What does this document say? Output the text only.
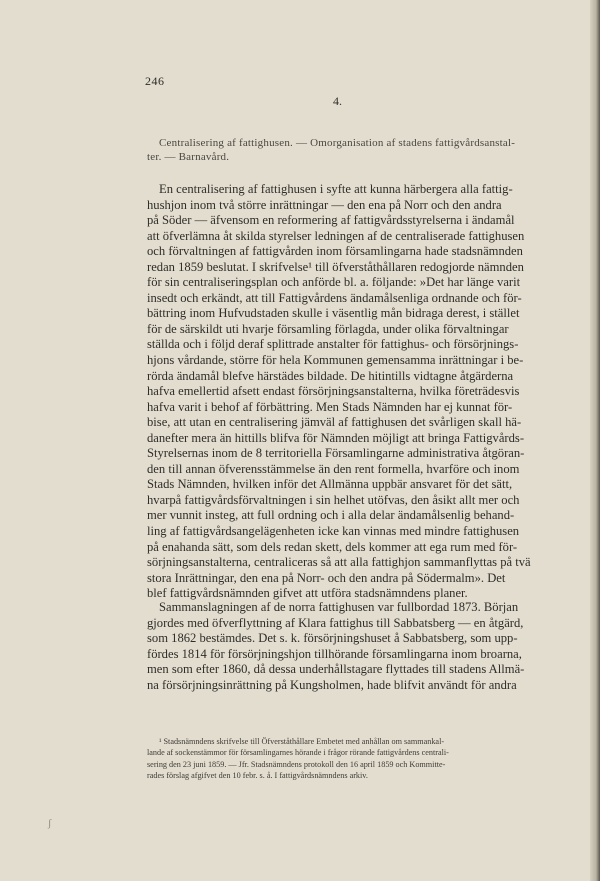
246
4.
Centralisering af fattighusen. — Omorganisation af stadens fattigvårdsanstal-
ter. — Barnavård.
En centralisering af fattighusen i syfte att kunna härbergera alla fattig-
hushjon inom två större inrättningar — den ena på Norr och den andra
på Söder — äfvensom en reformering af fattigvårdsstyrelserna i ändamål
att öfverlämna åt skilda styrelser ledningen af de centraliserade fattighusen
och förvaltningen af fattigvården inom församlingarna hade stadsnämnden
redan 1859 beslutat. I skrifvelse¹ till öfverståthållaren redogjorde nämnden
för sin centraliseringsplan och anförde bl. a. följande: »Det har länge varit
insedt och erkändt, att till Fattigvårdens ändamålsenliga ordnande och för-
bättring inom Hufvudstaden skulle i väsentlig mån bidraga derest, i stället
för de särskildt uti hvarje församling förlagda, under olika förvaltningar
ställda och i följd deraf splittrade anstalter för fattighus- och försörjnings-
hjons vårdande, större för hela Kommunen gemensamma inrättningar i be-
rörda ändamål blefve härstädes bildade. De hitintills vidtagne åtgärderna
hafva emellertid afsett endast försörjningsanstalterna, hvilka företrädesvis
hafva varit i behof af förbättring. Men Stads Nämnden har ej kunnat för-
bise, att utan en centralisering jämväl af fattighusen det svårligen skall hä-
danefter mera än hittills blifva för Nämnden möjligt att bringa Fattigvårds-
Styrelsernas inom de 8 territoriella Församlingarne administrativa åtgöran-
den till annan öfverensstämmelse än den rent formella, hvarföre och inom
Stads Nämnden, hvilken inför det Allmänna uppbär ansvaret för det sätt,
hvarpå fattigvårdsförvaltningen i sin helhet utöfvas, den åsikt allt mer och
mer vunnit insteg, att full ordning och i alla delar ändamålsenlig behand-
ling af fattigvårdsangelägenheten icke kan vinnas med mindre fattighusen
på enahanda sätt, som dels redan skett, dels kommer att ega rum med för-
sörjningsanstalterna, centraliceras så att alla fattighjon sammanflyttas på tvä
stora Inrättningar, den ena på Norr- och den andra på Södermalm». Det
blef fattigvårdsnämnden gifvet att utföra stadsnämndens planer.
Sammanslagningen af de norra fattighusen var fullbordad 1873. Början
gjordes med öfverflyttning af Klara fattighus till Sabbatsberg — en åtgärd,
som 1862 bestämdes. Det s. k. försörjningshuset å Sabbatsberg, som upp-
fördes 1814 för försörjningshjon tillhörande församlingarna inom broarna,
men som efter 1860, då dessa underhållstagare flyttades till stadens Allmä-
na försörjningsinrättning på Kungsholmen, hade blifvit användt för andra
¹ Stadsnämndens skrifvelse till Öfverståthållare Embetet med anhållan om sammankal-
lande af sockenstämmor för församlingarnes hörande i frågor rörande fattigvårdens centrali-
sering den 23 juni 1859. — Jfr. Stadsnämndens protokoll den 16 april 1859 och Kommitte-
rades förslag afgifvet den 10 febr. s. å. I fattigvårdsnämndens arkiv.
ʃ
